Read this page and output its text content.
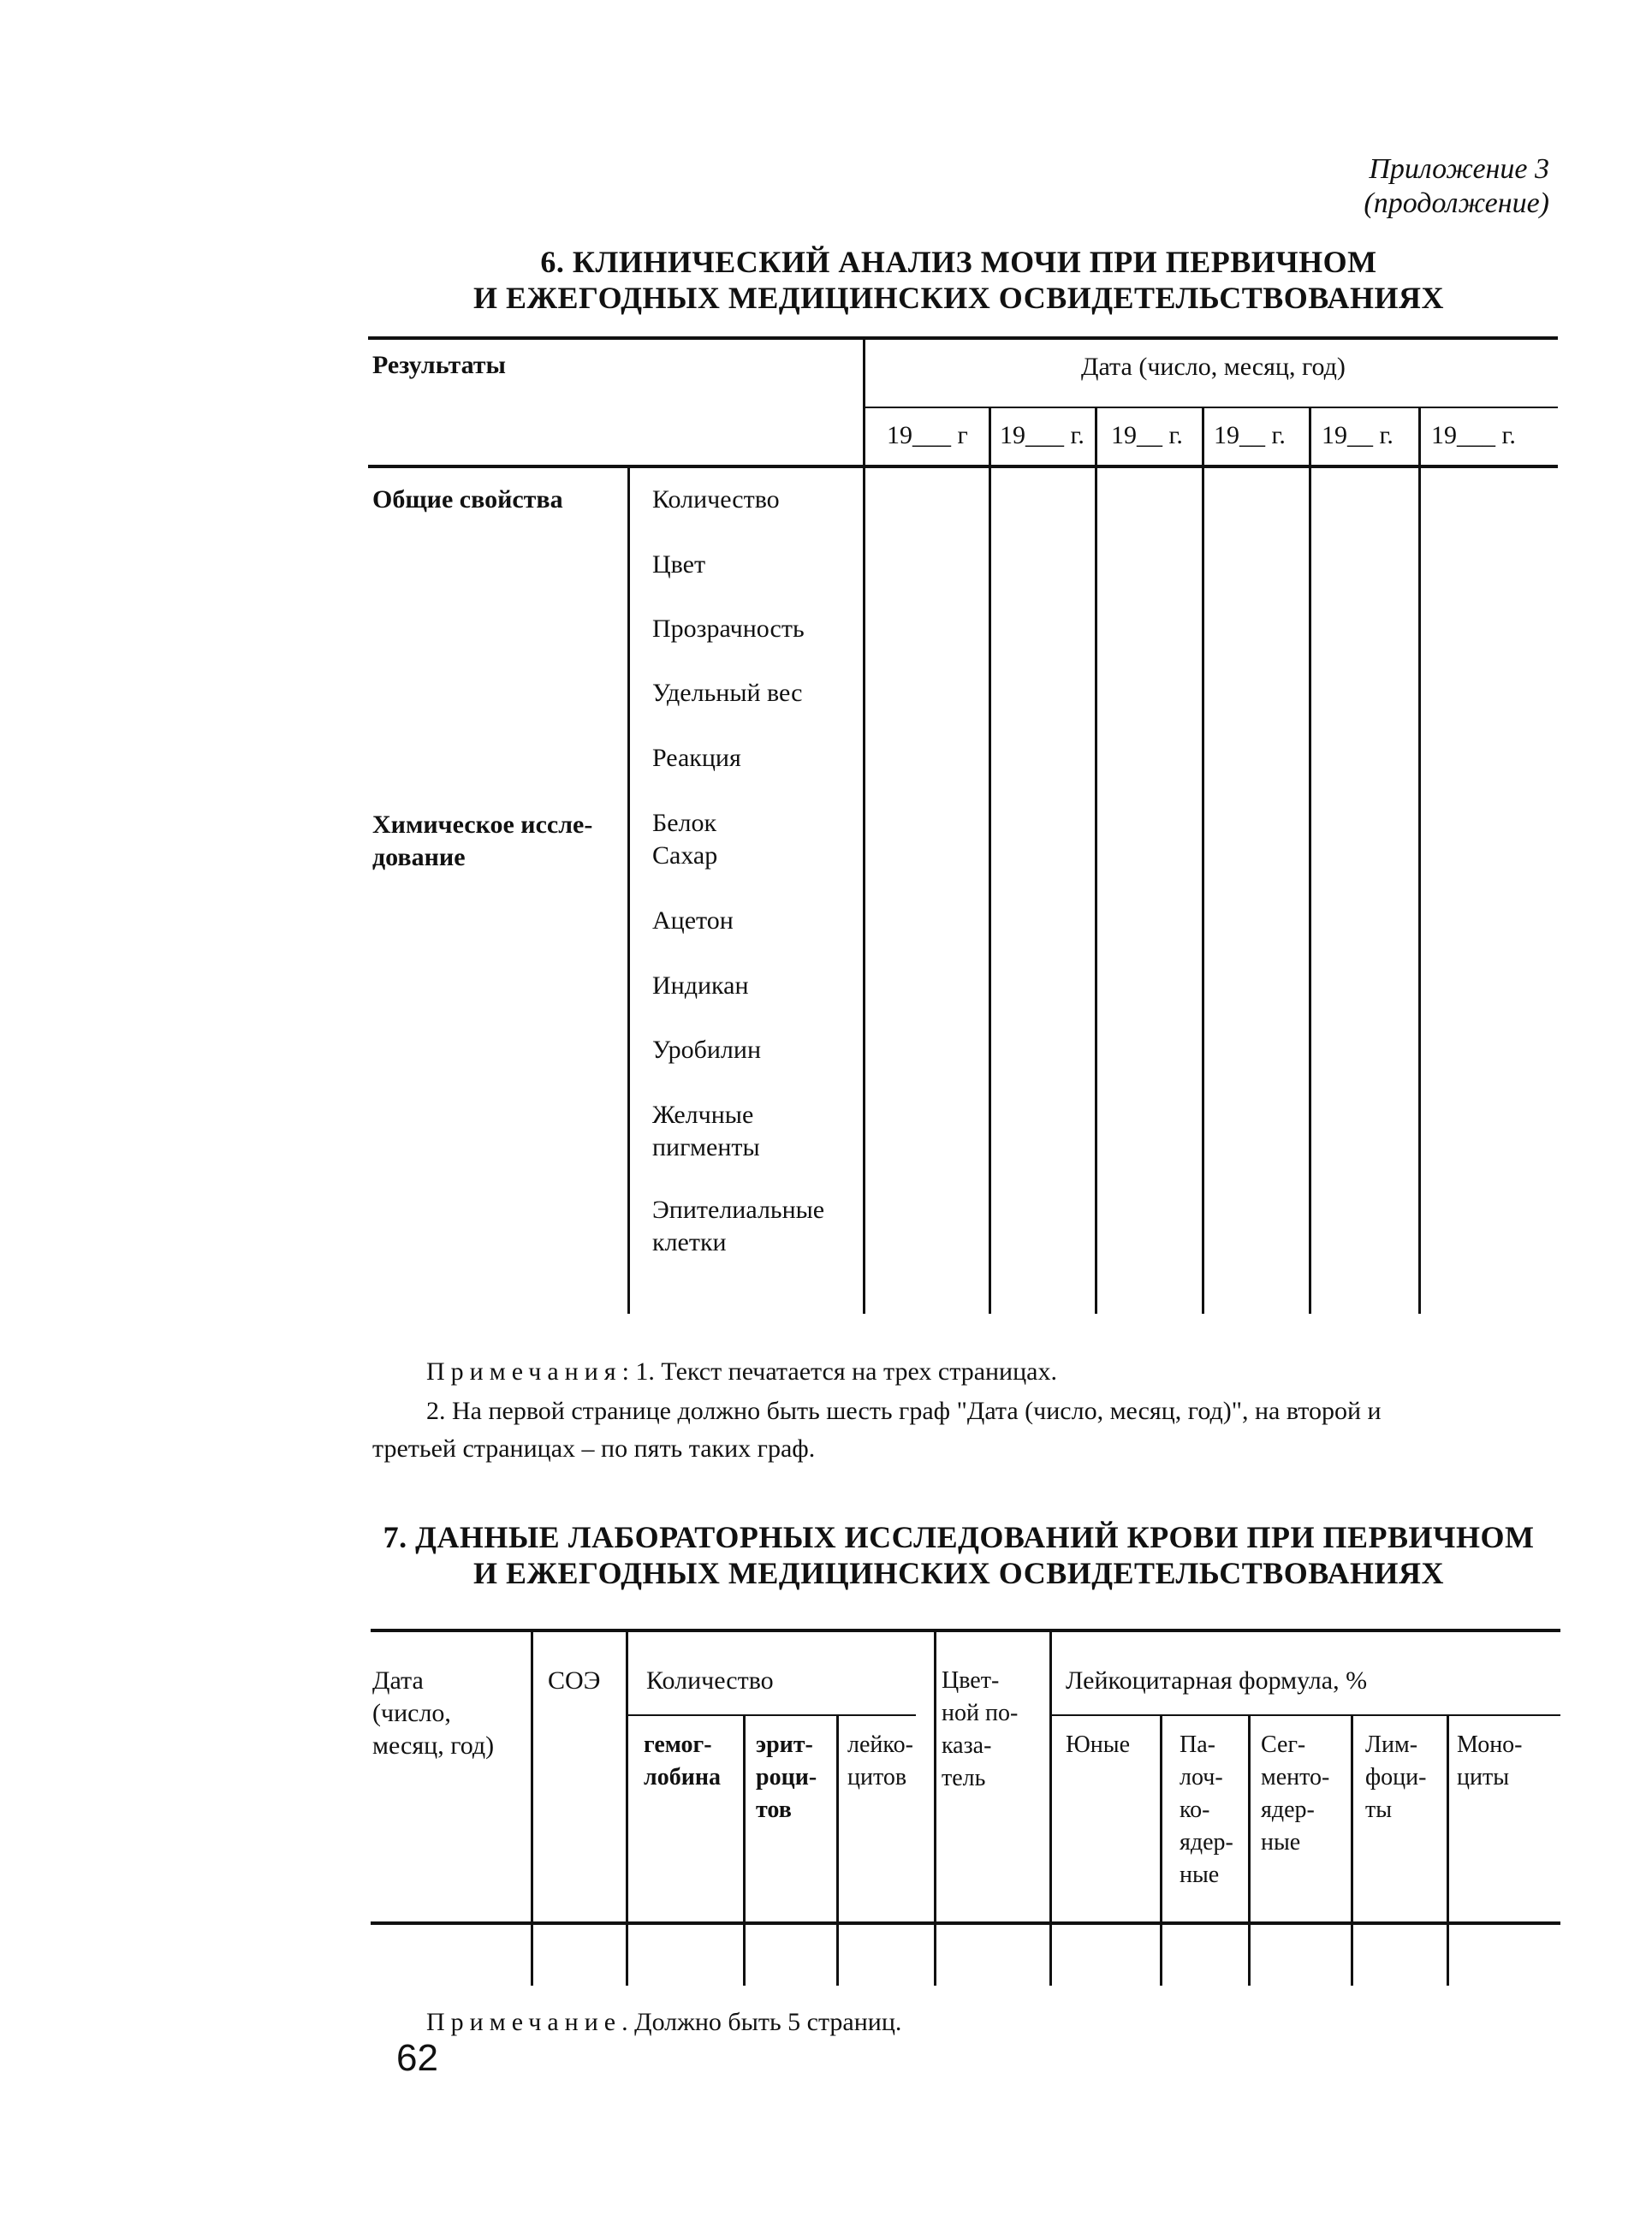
Приложение 3
(продолжение)
6. КЛИНИЧЕСКИЙ АНАЛИЗ МОЧИ ПРИ ПЕРВИЧНОМ
И ЕЖЕГОДНЫХ МЕДИЦИНСКИХ ОСВИДЕТЕЛЬСТВОВАНИЯХ
Результаты	Дата (число, месяц, год)
19___ г 19___ г. 19__ г. 19__ г. 19__ г. 19___ г.
Общие свойства
Химическое иссле-
дование
Количество
Цвет
Прозрачность
Удельный вес
Реакция
Белок
Сахар
Ацетон
Индикан
Уробилин
Желчные
пигменты
Эпителиальные
клетки
Примечания: 1. Текст печатается на трех страницах.
2. На первой странице должно быть шесть граф "Дата (число, месяц, год)", на второй и
третьей страницах – по пять таких граф.
7. ДАННЫЕ ЛАБОРАТОРНЫХ ИССЛЕДОВАНИЙ КРОВИ ПРИ ПЕРВИЧНОМ
И ЕЖЕГОДНЫХ МЕДИЦИНСКИХ ОСВИДЕТЕЛЬСТВОВАНИЯХ
Дата
(число,
месяц, год)
СОЭ Количество
гемог-
лобина
эрит-
роци-
тов
лейко-
цитов
Цвет-
ной по-
каза-
тель
Лейкоцитарная формула, %
Юные Па-
лоч-
ко-
ядер-
ные
Сег-
менто-
ядер-
ные
Лим-
фоци-
ты
Моно-
циты
Примечание. Должно быть 5 страниц.
62
